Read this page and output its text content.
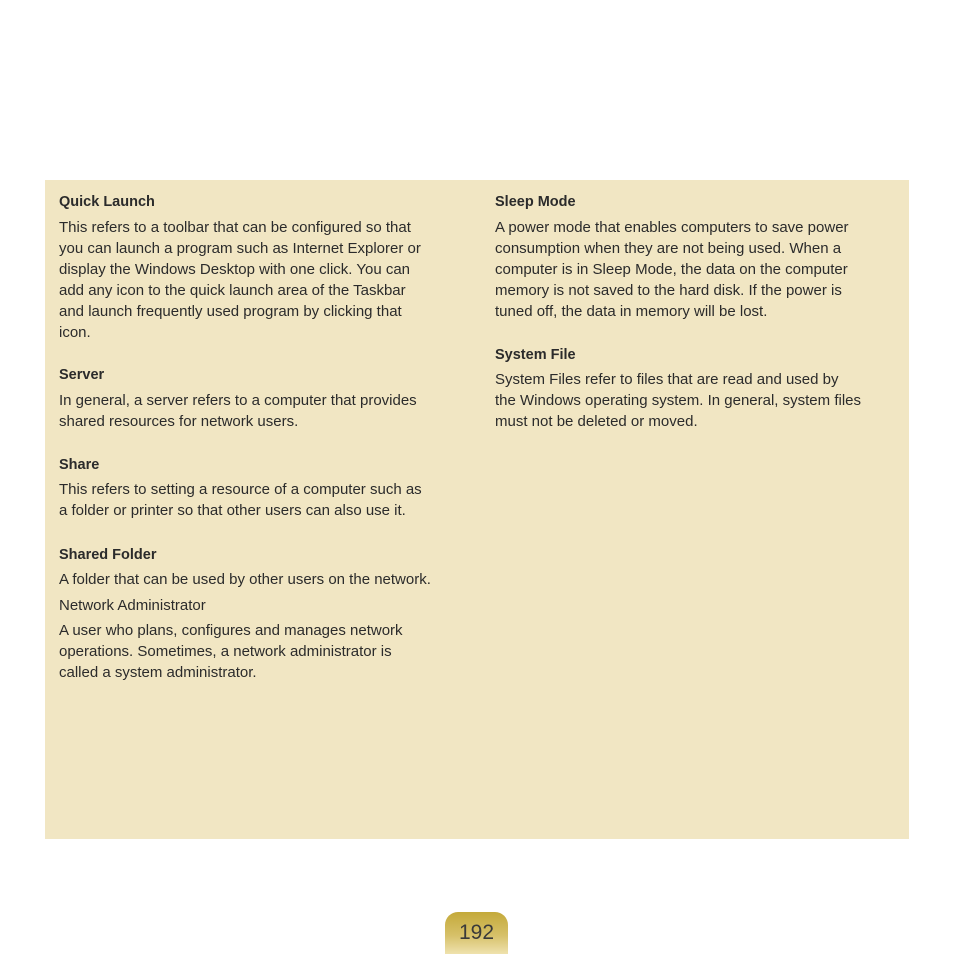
Quick Launch
This refers to a toolbar that can be configured so that
you can launch a program such as Internet Explorer or
display the Windows Desktop with one click. You can
add any icon to the quick launch area of the Taskbar
and launch frequently used program by clicking that
icon.
Server
In general, a server refers to a computer that provides
shared resources for network users.
Share
This refers to setting a resource of a computer such as
a folder or printer so that other users can also use it.
Shared Folder
A folder that can be used by other users on the network.
Network Administrator
A user who plans, configures and manages network
operations. Sometimes, a network administrator is
called a system administrator.
Sleep Mode
A power mode that enables computers to save power
consumption when they are not being used. When a
computer is in Sleep Mode, the data on the computer
memory is not saved to the hard disk. If the power is
tuned off, the data in memory will be lost.
System File
System Files refer to files that are read and used by
the Windows operating system. In general, system files
must not be deleted or moved.
192
